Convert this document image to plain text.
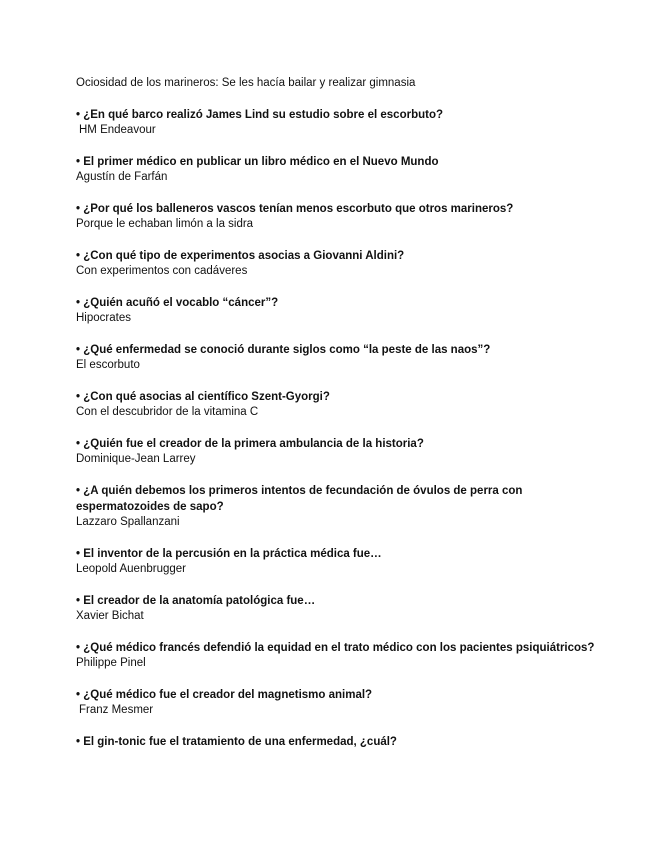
Ociosidad de los marineros: Se les hacía bailar y realizar gimnasia

• ¿En qué barco realizó James Lind su estudio sobre el escorbuto?

HM Endeavour

• El primer médico en publicar un libro médico en el Nuevo Mundo

Agustín de Farfán

• ¿Por qué los balleneros vascos tenían menos escorbuto que otros marineros?

Porque le echaban limón a la sidra

• ¿Con qué tipo de experimentos asocias a Giovanni Aldini?

Con experimentos con cadáveres

• ¿Quién acuñó el vocablo “cáncer”?

Hipocrates

• ¿Qué enfermedad se conoció durante siglos como “la peste de las naos”?

El escorbuto

• ¿Con qué asocias al científico Szent-Gyorgi?

Con el descubridor de la vitamina C

• ¿Quién fue el creador de la primera ambulancia de la historia?

Dominique-Jean Larrey

• ¿A quién debemos los primeros intentos de fecundación de óvulos de perra con espermatozoides de sapo?

Lazzaro Spallanzani

• El inventor de la percusión en la práctica médica fue…

Leopold Auenbrugger

• El creador de la anatomía patológica fue…

Xavier Bichat

• ¿Qué médico francés defendió la equidad en el trato médico con los pacientes psiquiátricos?

Philippe Pinel

• ¿Qué médico fue el creador del magnetismo animal?

Franz Mesmer

• El gin-tonic fue el tratamiento de una enfermedad, ¿cuál?
